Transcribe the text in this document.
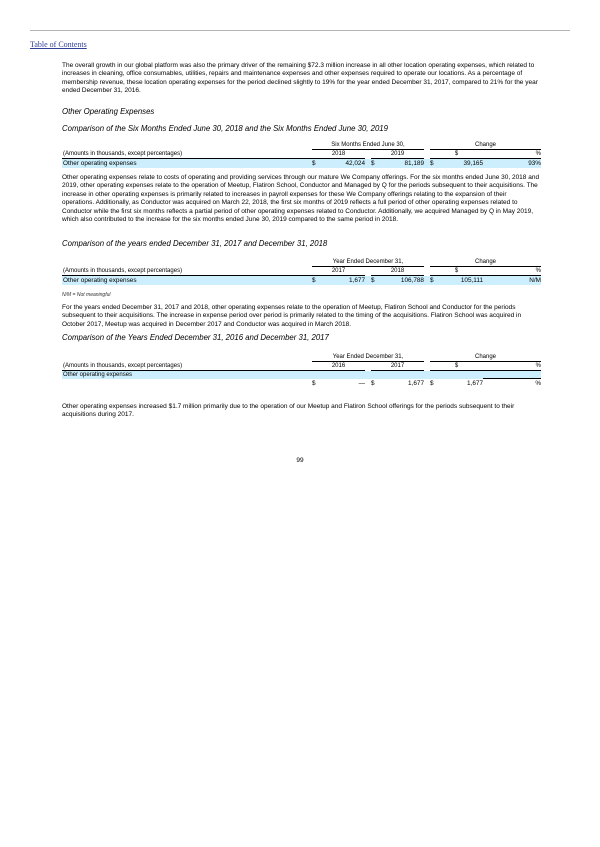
Table of Contents
The overall growth in our global platform was also the primary driver of the remaining $72.3 million increase in all other location operating expenses, which related to increases in cleaning, office consumables, utilities, repairs and maintenance expenses and other expenses required to operate our locations. As a percentage of membership revenue, these location operating expenses for the period declined slightly to 19% for the year ended December 31, 2017, compared to 21% for the year ended December 31, 2016.
Other Operating Expenses
Comparison of the Six Months Ended June 30, 2018 and the Six Months Ended June 30, 2019
	Six Months Ended June 30,						Change		
(Amounts in thousands, except percentages)	2018			2019			$		%
Other operating expenses	$	42,024		$	81,189		$	39,165	93%
Other operating expenses relate to costs of operating and providing services through our mature We Company offerings. For the six months ended June 30, 2018 and 2019, other operating expenses relate to the operation of Meetup, Flatiron School, Conductor and Managed by Q for the periods subsequent to their acquisitions. The increase in other operating expenses is primarily related to increases in payroll expenses for these We Company offerings relating to the expansion of their operations. Additionally, as Conductor was acquired on March 22, 2018, the first six months of 2019 reflects a full period of other operating expenses related to Conductor while the first six months reflects a partial period of other operating expenses related to Conductor. Additionally, we acquired Managed by Q in May 2019, which also contributed to the increase for the six months ended June 30, 2019 compared to the same period in 2018.
Comparison of the years ended December 31, 2017 and December 31, 2018
	Year Ended December 31,						Change		
(Amounts in thousands, except percentages)	2017			2018			$		%
Other operating expenses	$	1,677		$	106,788		$	105,111	N/M
N/M = Not meaningful
For the years ended December 31, 2017 and 2018, other operating expenses relate to the operation of Meetup, Flatiron School and Conductor for the periods subsequent to their acquisitions. The increase in expense period over period is primarily related to the timing of the acquisitions. Flatiron School was acquired in October 2017, Meetup was acquired in December 2017 and Conductor was acquired in March 2018.
Comparison of the Years Ended December 31, 2016 and December 31, 2017
	Year Ended December 31,						Change		
(Amounts in thousands, except percentages)	2016			2017			$		%
Other operating expenses									
	$	—		$	1,677		$	1,677	%
Other operating expenses increased $1.7 million primarily due to the operation of our Meetup and Flatiron School offerings for the periods subsequent to their acquisitions during 2017.
99
